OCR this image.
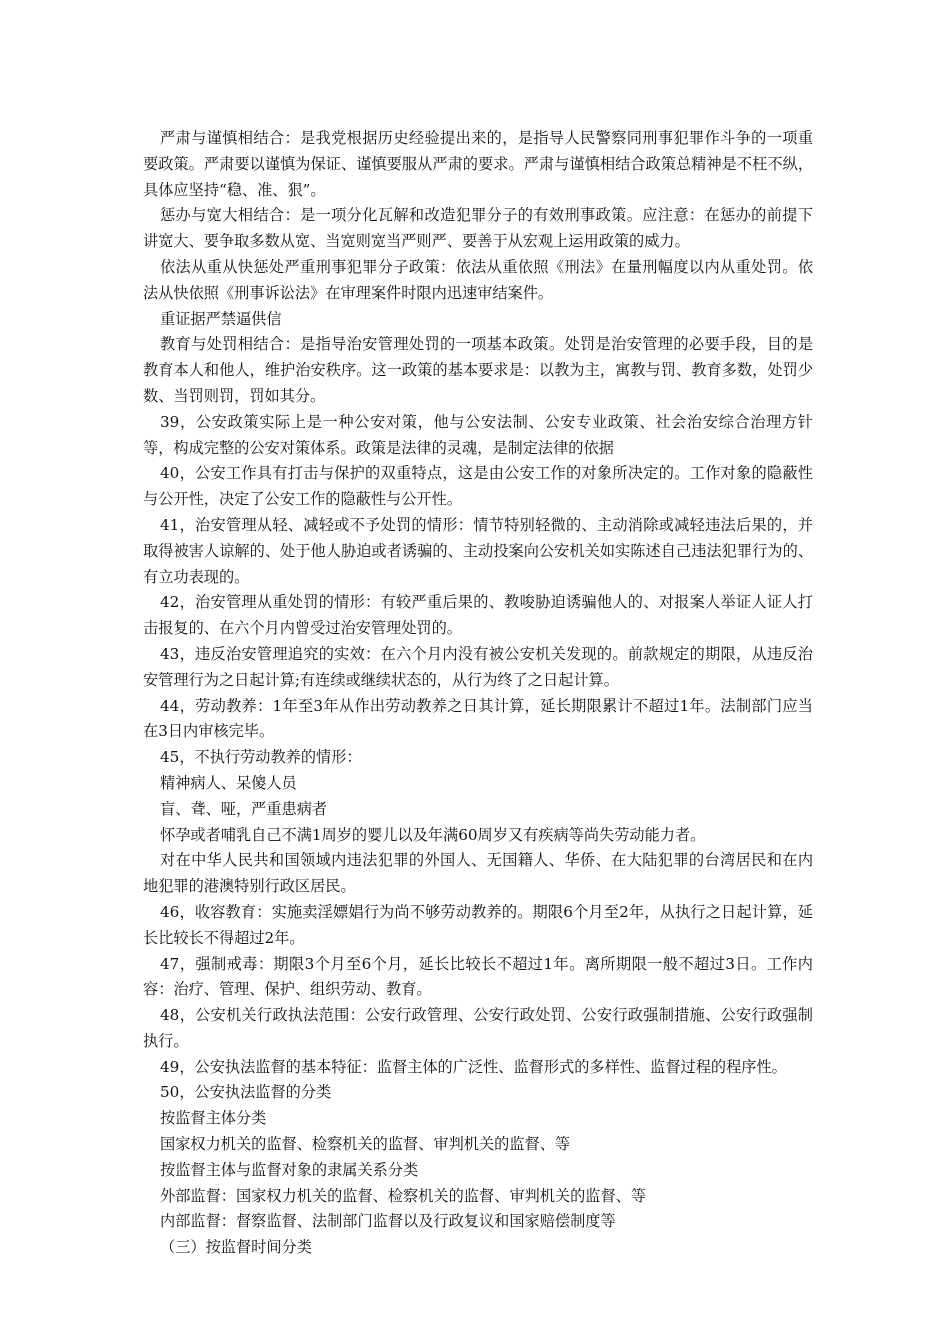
严肃与谨慎相结合：是我党根据历史经验提出来的，是指导人民警察同刑事犯罪作斗争的一项重要政策。严肃要以谨慎为保证、谨慎要服从严肃的要求。严肃与谨慎相结合政策总精神是不枉不纵，具体应坚持“稳、准、狠”。

惩办与宽大相结合：是一项分化瓦解和改造犯罪分子的有效刑事政策。应注意：在惩办的前提下讲宽大、要争取多数从宽、当宽则宽当严则严、要善于从宏观上运用政策的威力。

依法从重从快惩处严重刑事犯罪分子政策：依法从重依照《刑法》在量刑幅度以内从重处罚。依法从快依照《刑事诉讼法》在审理案件时限内迅速审结案件。

重证据严禁逼供信

教育与处罚相结合：是指导治安管理处罚的一项基本政策。处罚是治安管理的必要手段，目的是教育本人和他人，维护治安秩序。这一政策的基本要求是：以教为主，寓教与罚、教育多数，处罚少数、当罚则罚，罚如其分。

39，公安政策实际上是一种公安对策，他与公安法制、公安专业政策、社会治安综合治理方针等，构成完整的公安对策体系。政策是法律的灵魂，是制定法律的依据

40，公安工作具有打击与保护的双重特点，这是由公安工作的对象所决定的。工作对象的隐蔽性与公开性，决定了公安工作的隐蔽性与公开性。

41，治安管理从轻、减轻或不予处罚的情形：情节特别轻微的、主动消除或减轻违法后果的，并取得被害人谅解的、处于他人胁迫或者诱骗的、主动投案向公安机关如实陈述自己违法犯罪行为的、有立功表现的。

42，治安管理从重处罚的情形：有较严重后果的、教唆胁迫诱骗他人的、对报案人举证人证人打击报复的、在六个月内曾受过治安管理处罚的。

43，违反治安管理追究的实效：在六个月内没有被公安机关发现的。前款规定的期限，从违反治安管理行为之日起计算;有连续或继续状态的，从行为终了之日起计算。

44，劳动教养：1年至3年从作出劳动教养之日其计算，延长期限累计不超过1年。法制部门应当在3日内审核完毕。

45，不执行劳动教养的情形：

精神病人、呆傻人员

盲、聋、哑，严重患病者

怀孕或者哺乳自己不满1周岁的婴儿以及年满60周岁又有疾病等尚失劳动能力者。

对在中华人民共和国领域内违法犯罪的外国人、无国籍人、华侨、在大陆犯罪的台湾居民和在内地犯罪的港澳特别行政区居民。

46，收容教育：实施卖淫嫖娼行为尚不够劳动教养的。期限6个月至2年，从执行之日起计算，延长比较长不得超过2年。

47，强制戒毒：期限3个月至6个月，延长比较长不超过1年。离所期限一般不超过3日。工作内容：治疗、管理、保护、组织劳动、教育。

48，公安机关行政执法范围：公安行政管理、公安行政处罚、公安行政强制措施、公安行政强制执行。

49，公安执法监督的基本特征：监督主体的广泛性、监督形式的多样性、监督过程的程序性。

50，公安执法监督的分类

按监督主体分类

国家权力机关的监督、检察机关的监督、审判机关的监督、等

按监督主体与监督对象的隶属关系分类

外部监督：国家权力机关的监督、检察机关的监督、审判机关的监督、等

内部监督：督察监督、法制部门监督以及行政复议和国家赔偿制度等

（三）按监督时间分类
